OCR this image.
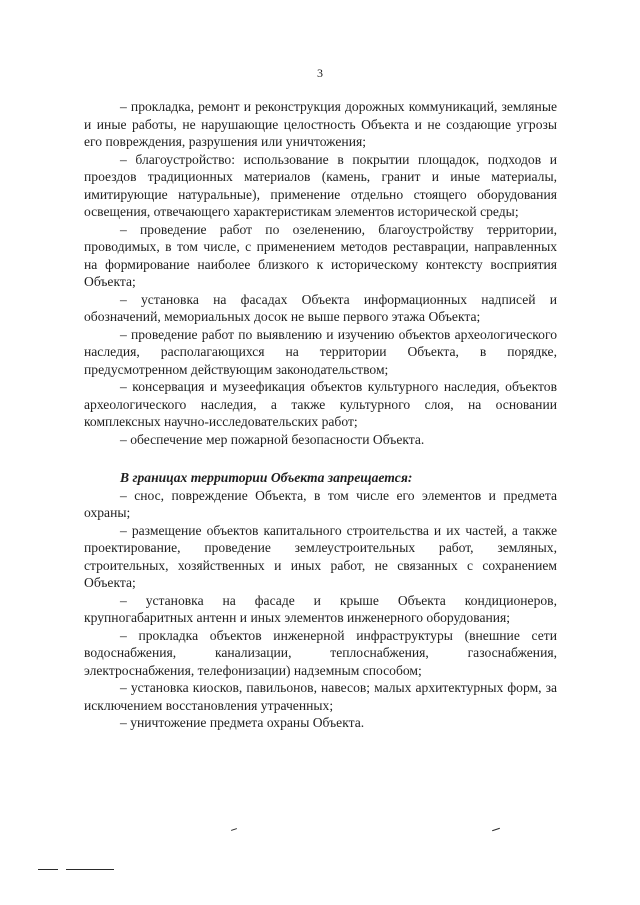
3

– прокладка, ремонт и реконструкция дорожных коммуникаций, земляные и иные работы, не нарушающие целостность Объекта и не создающие угрозы его повреждения, разрушения или уничтожения;

– благоустройство: использование в покрытии площадок, подходов и проездов традиционных материалов (камень, гранит и иные материалы, имитирующие натуральные), применение отдельно стоящего оборудования освещения, отвечающего характеристикам элементов исторической среды;

– проведение работ по озеленению, благоустройству территории, проводимых, в том числе, с применением методов реставрации, направленных на формирование наиболее близкого к историческому контексту восприятия Объекта;

– установка на фасадах Объекта информационных надписей и обозначений, мемориальных досок не выше первого этажа Объекта;

– проведение работ по выявлению и изучению объектов археологического наследия, располагающихся на территории Объекта, в порядке, предусмотренном действующим законодательством;

– консервация и музеефикация объектов культурного наследия, объектов археологического наследия, а также культурного слоя, на основании комплексных научно-исследовательских работ;

– обеспечение мер пожарной безопасности Объекта.

В границах территории Объекта запрещается:

– снос, повреждение Объекта, в том числе его элементов и предмета охраны;

– размещение объектов капитального строительства и их частей, а также проектирование, проведение землеустроительных работ, земляных, строительных, хозяйственных и иных работ, не связанных с сохранением Объекта;

– установка на фасаде и крыше Объекта кондиционеров, крупногабаритных антенн и иных элементов инженерного оборудования;

– прокладка объектов инженерной инфраструктуры (внешние сети водоснабжения, канализации, теплоснабжения, газоснабжения, электроснабжения, телефонизации) надземным способом;

– установка киосков, павильонов, навесов; малых архитектурных форм, за исключением восстановления утраченных;

– уничтожение предмета охраны Объекта.
